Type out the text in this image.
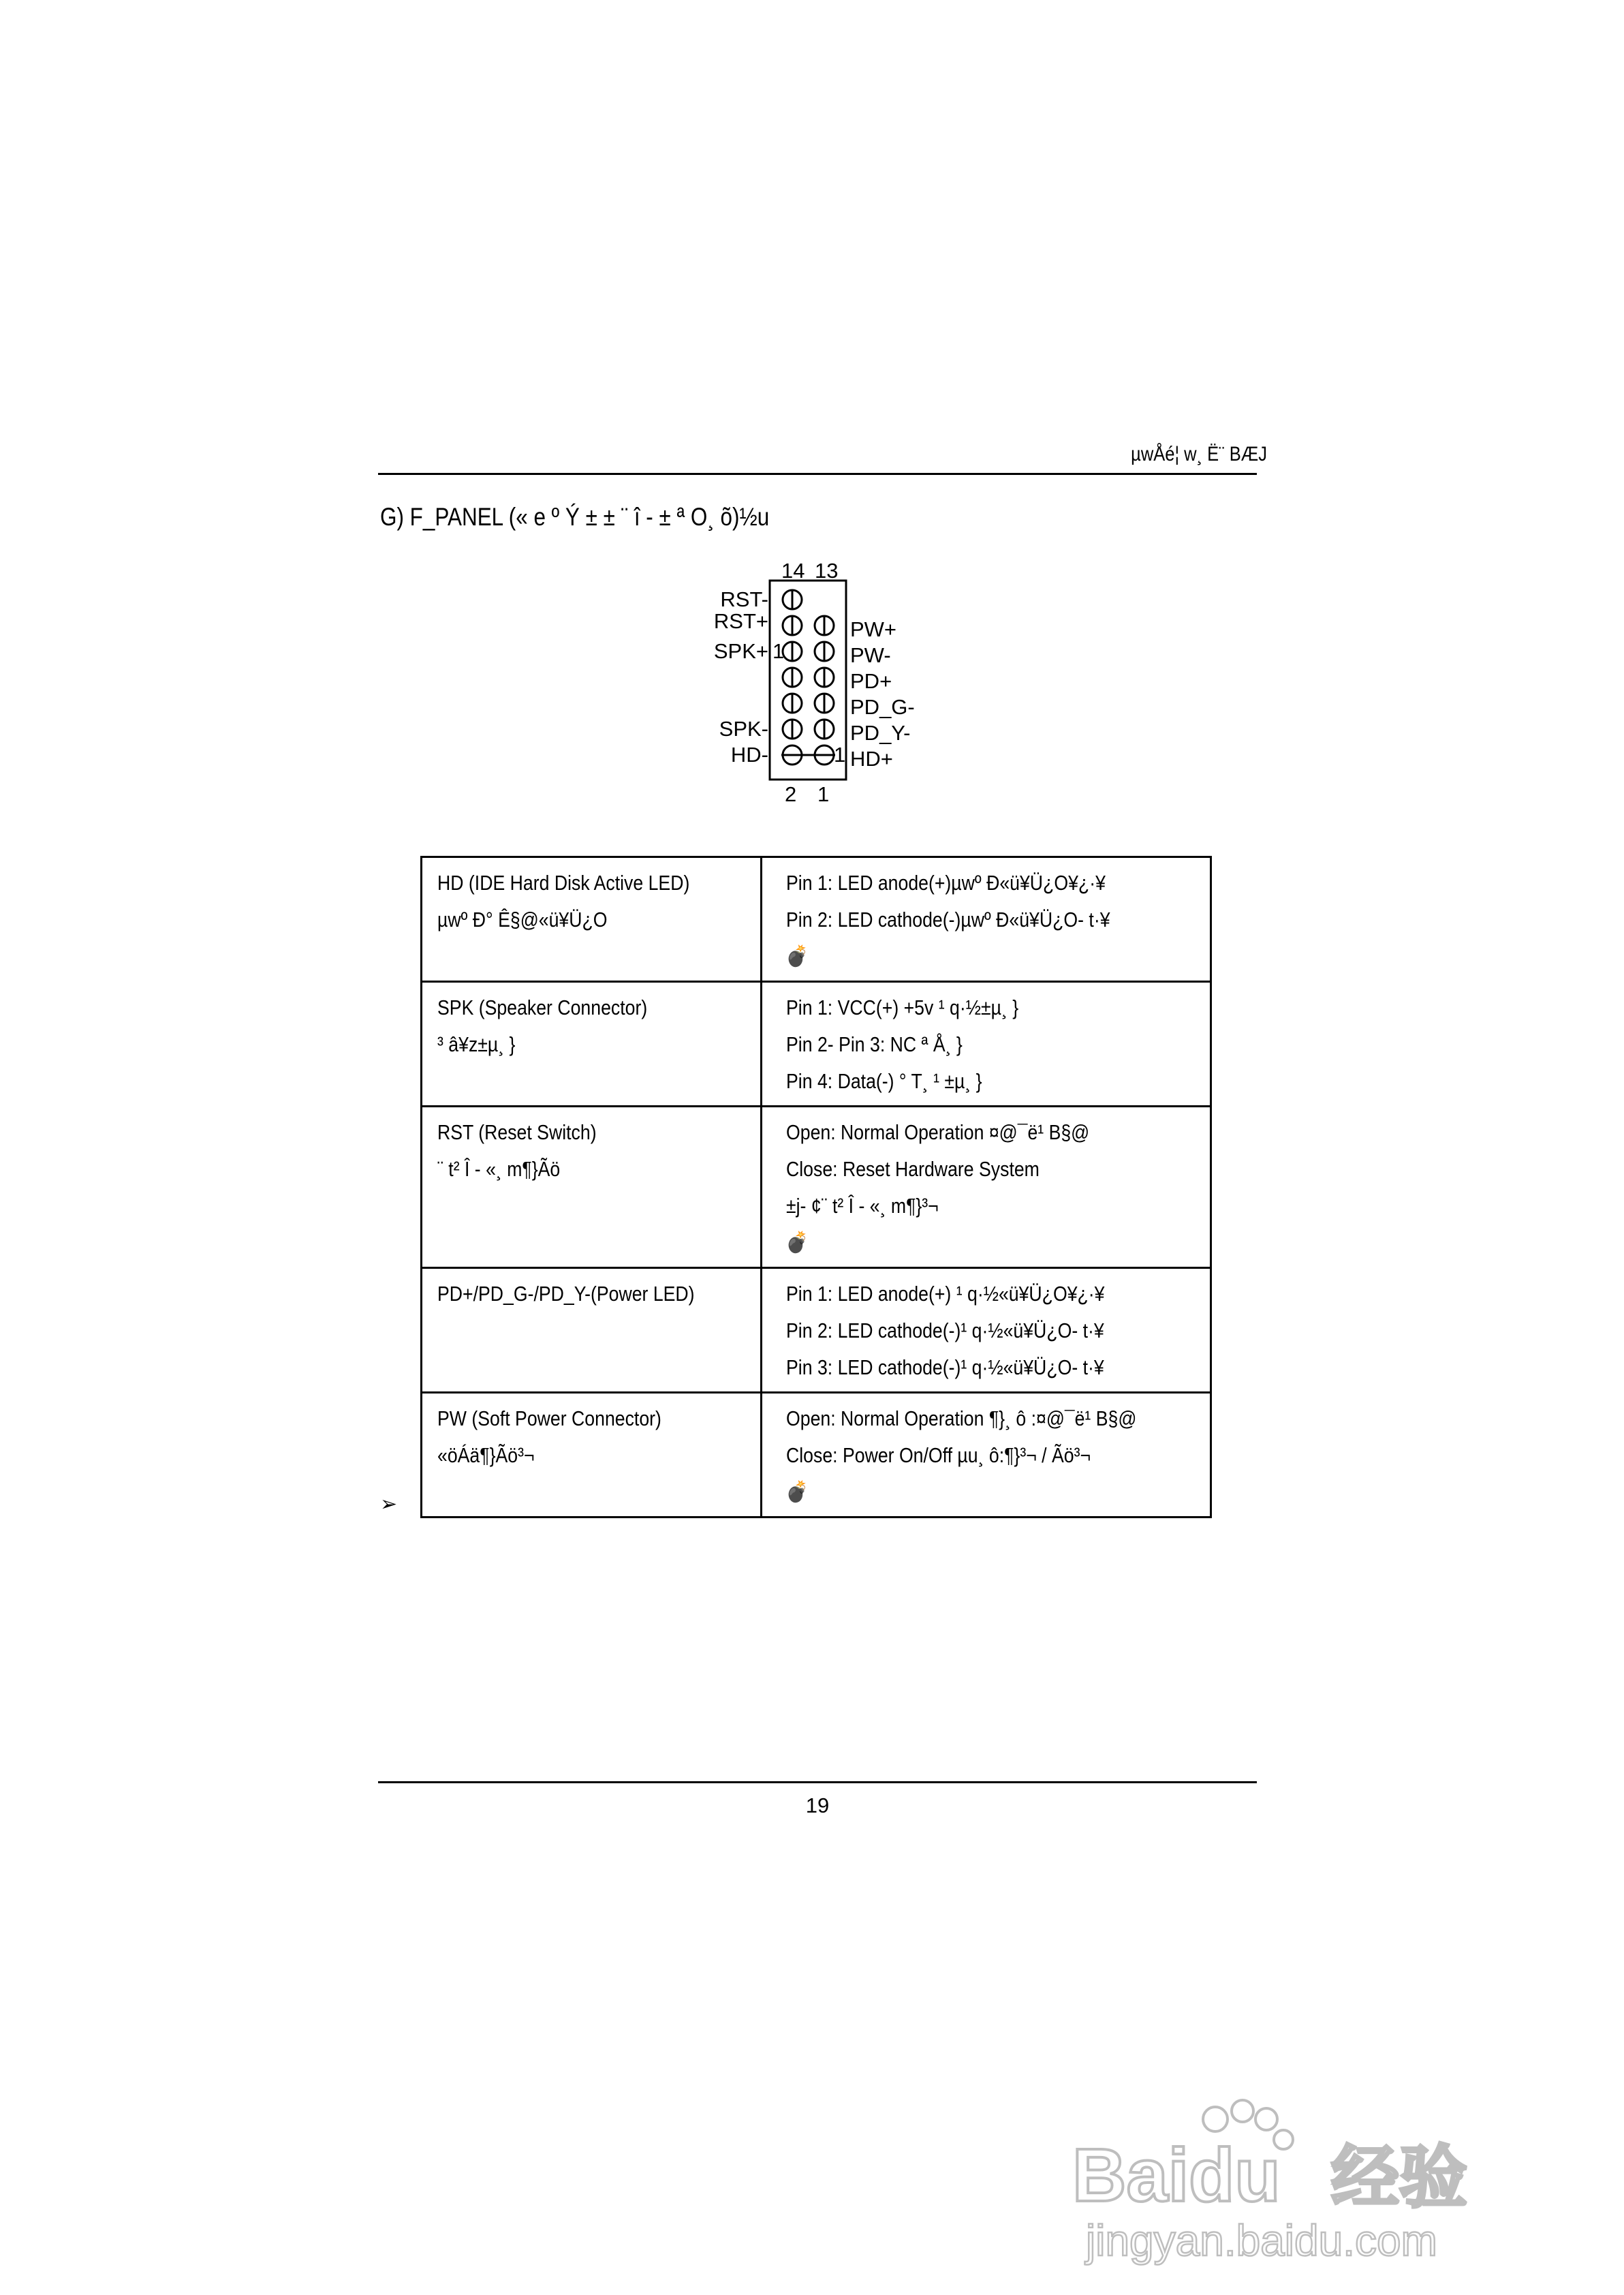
µwÅé¦ w¸ Ë¨ BÆJ
G) F_PANEL (« e º Ý ± ± ¨ î - ± ª O¸ õ)½u
14 13
RST-
RST+
SPK+
SPK-
HD-
1
1
PW+
PW-
PD+
PD_G-
PD_Y-
HD+
2 1
HD (IDE Hard Disk Active LED)
µwº Ð° Ê§@«ü¥Ü¿O	Pin 1: LED anode(+)µwº Ð«ü¥Ü¿O¥¿·¥
Pin 2: LED cathode(-)µwº Ð«ü¥Ü¿O- t·¥
💣

SPK (Speaker Connector)
³ â¥z±µ¸ }	Pin 1: VCC(+) +5v ¹ q·½±µ¸ }
Pin 2- Pin 3: NC ª Å¸ }
Pin 4: Data(-) ° T¸ ¹ ±µ¸ }

RST (Reset Switch)
¨ t² Î - «¸ m¶}Ãö	Open: Normal Operation ¤@¯ë¹ B§@
Close: Reset Hardware System
±j- ¢¨ t² Î - «¸ m¶}³¬
💣

PD+/PD_G-/PD_Y-(Power LED)	Pin 1: LED anode(+) ¹ q·½«ü¥Ü¿O¥¿·¥
Pin 2: LED cathode(-)¹ q·½«ü¥Ü¿O- t·¥
Pin 3: LED cathode(-)¹ q·½«ü¥Ü¿O- t·¥

PW (Soft Power Connector)
«öÁä¶}Ãö³¬	Open: Normal Operation ¶}¸ ô :¤@¯ë¹ B§@
Close: Power On/Off µu¸ ô:¶}³¬ / Ãö³¬
💣
➢
19
Baidu 经验
jingyan.baidu.com
